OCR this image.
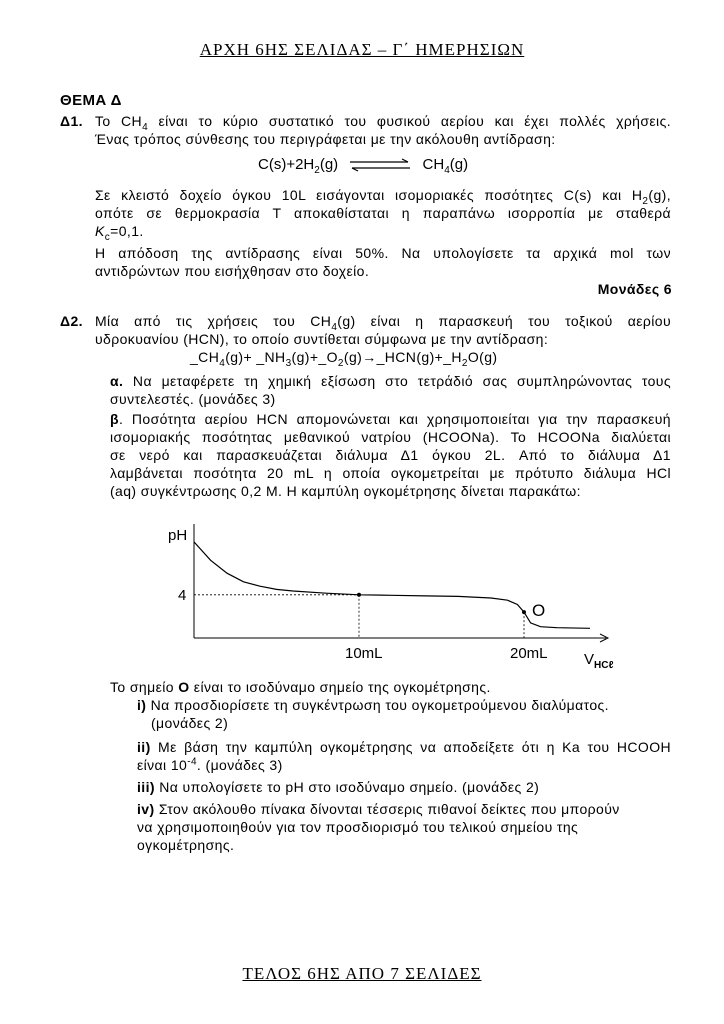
ΑΡΧΗ 6ΗΣ ΣΕΛΙΔΑΣ – Γ΄ ΗΜΕΡΗΣΙΩΝ
ΘΕΜΑ Δ
Δ1. Το $CH_4$ είναι το κύριο συστατικό του φυσικού αερίου και έχει πολλές χρήσεις.
Ένας τρόπος σύνθεσης του περιγράφεται με την ακόλουθη αντίδραση:
$C(s)+2H_2(g)$	$CH_4(g)$
Σε κλειστό δοχείο όγκου 10L εισάγονται ισομοριακές ποσότητες C(s) και $H_2(g)$,
οπότε σε θερμοκρασία Τ αποκαθίσταται η παραπάνω ισορροπία με σταθερά
$K_c=0,1$.
Η απόδοση της αντίδρασης είναι 50%. Να υπολογίσετε τα αρχικά mol των
αντιδρώντων που εισήχθησαν στο δοχείο.
Μονάδες 6
Δ2. Μία από τις χρήσεις του $CH_4(g)$ είναι η παρασκευή του τοξικού αερίου
υδροκυανίου (HCN), το οποίο συντίθεται σύμφωνα με την αντίδραση:
$\_CH_4(g)+$ $\_NH_3(g)+\_O_2(g)\to\_HCN(g)+\_H_2O(g)$
α. Να μεταφέρετε τη χημική εξίσωση στο τετράδιό σας συμπληρώνοντας τους
συντελεστές. (μονάδες 3)
β. Ποσότητα αερίου HCN απομονώνεται και χρησιμοποιείται για την παρασκευή
ισομοριακής ποσότητας μεθανικού νατρίου (HCOONa). Το HCOONa διαλύεται
σε νερό και παρασκευάζεται διάλυμα Δ1 όγκου 2L. Από το διάλυμα Δ1
λαμβάνεται ποσότητα 20 mL η οποία ογκομετρείται με πρότυπο διάλυμα HCl
(aq) συγκέντρωσης 0,2 M. Η καμπύλη ογκομέτρησης δίνεται παρακάτω:
pH
$V_{HC\ell}$
4
10mL	20mL
Ο
Το σημείο Ο είναι το ισοδύναμο σημείο της ογκομέτρησης.
i) Να προσδιορίσετε τη συγκέντρωση του ογκομετρούμενου διαλύματος.
(μονάδες 2)
ii) Με βάση την καμπύλη ογκομέτρησης να αποδείξετε ότι η Ka του HCOOH
είναι $10^{-4}$. (μονάδες 3)
iii) Να υπολογίσετε το pH στο ισοδύναμο σημείο. (μονάδες 2)
iv) Στον ακόλουθο πίνακα δίνονται τέσσερις πιθανοί δείκτες που μπορούν
να χρησιμοποιηθούν για τον προσδιορισμό του τελικού σημείου της
ογκομέτρησης.
ΤΕΛΟΣ 6ΗΣ ΑΠΟ 7 ΣΕΛΙΔΕΣ
